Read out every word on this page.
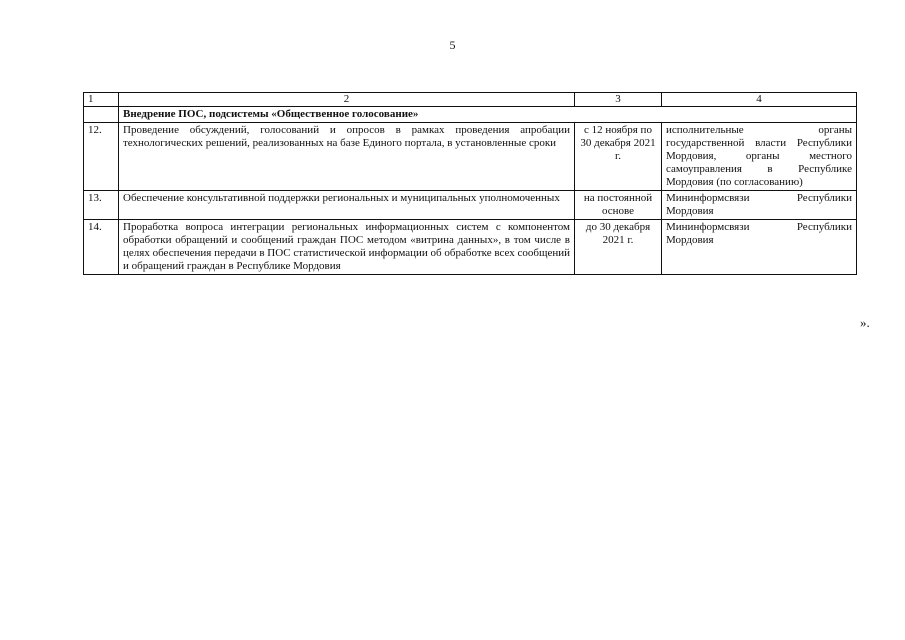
5
1	2	3	4
	Внедрение ПОС, подсистемы «Общественное голосование»		
12.	Проведение обсуждений, голосований и опросов в рамках проведения апробации технологических решений, реализованных на базе Единого портала, в установленные сроки	с 12 ноября по 30 декабря 2021 г.	исполнительные органы государственной власти Республики Мордовия, органы местного самоуправления в Республике Мордовия (по согласованию)
13.	Обеспечение консультативной поддержки региональных и муниципальных уполномоченных	на постоянной основе	Мининформсвязи Республики Мордовия
14.	Проработка вопроса интеграции региональных информационных систем с компонентом обработки обращений и сообщений граждан ПОС методом «витрина данных», в том числе в целях обеспечения передачи в ПОС статистической информации об обработке всех сообщений и обращений граждан в Республике Мордовия	до 30 декабря 2021 г.	Мининформсвязи Республики Мордовия
».
